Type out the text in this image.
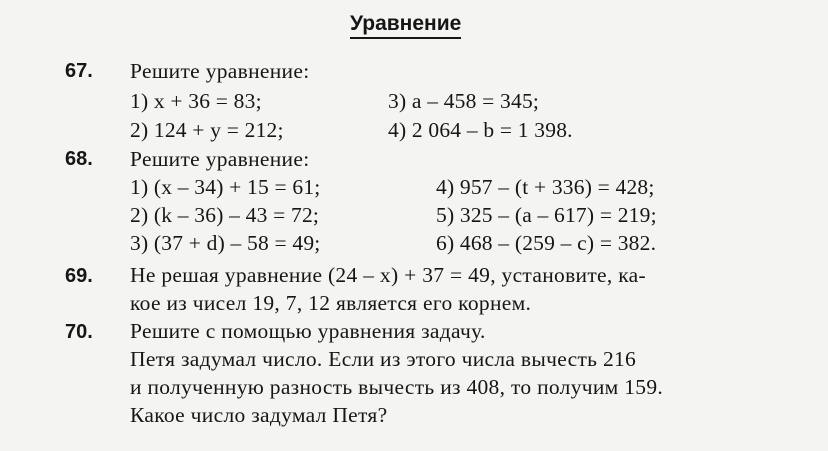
Уравнение
67. Решите уравнение:
1) x + 36 = 83;
2) 124 + y = 212;
3) a – 458 = 345;
4) 2 064 – b = 1 398.
68. Решите уравнение:
1) (x – 34) + 15 = 61;
2) (k – 36) – 43 = 72;
3) (37 + d) – 58 = 49;
4) 957 – (t + 336) = 428;
5) 325 – (a – 617) = 219;
6) 468 – (259 – c) = 382.
69. Не решая уравнение (24 – x) + 37 = 49, установите, ка-
кое из чисел 19, 7, 12 является его корнем.
70. Решите с помощью уравнения задачу.
Петя задумал число. Если из этого числа вычесть 216
и полученную разность вычесть из 408, то получим 159.
Какое число задумал Петя?
